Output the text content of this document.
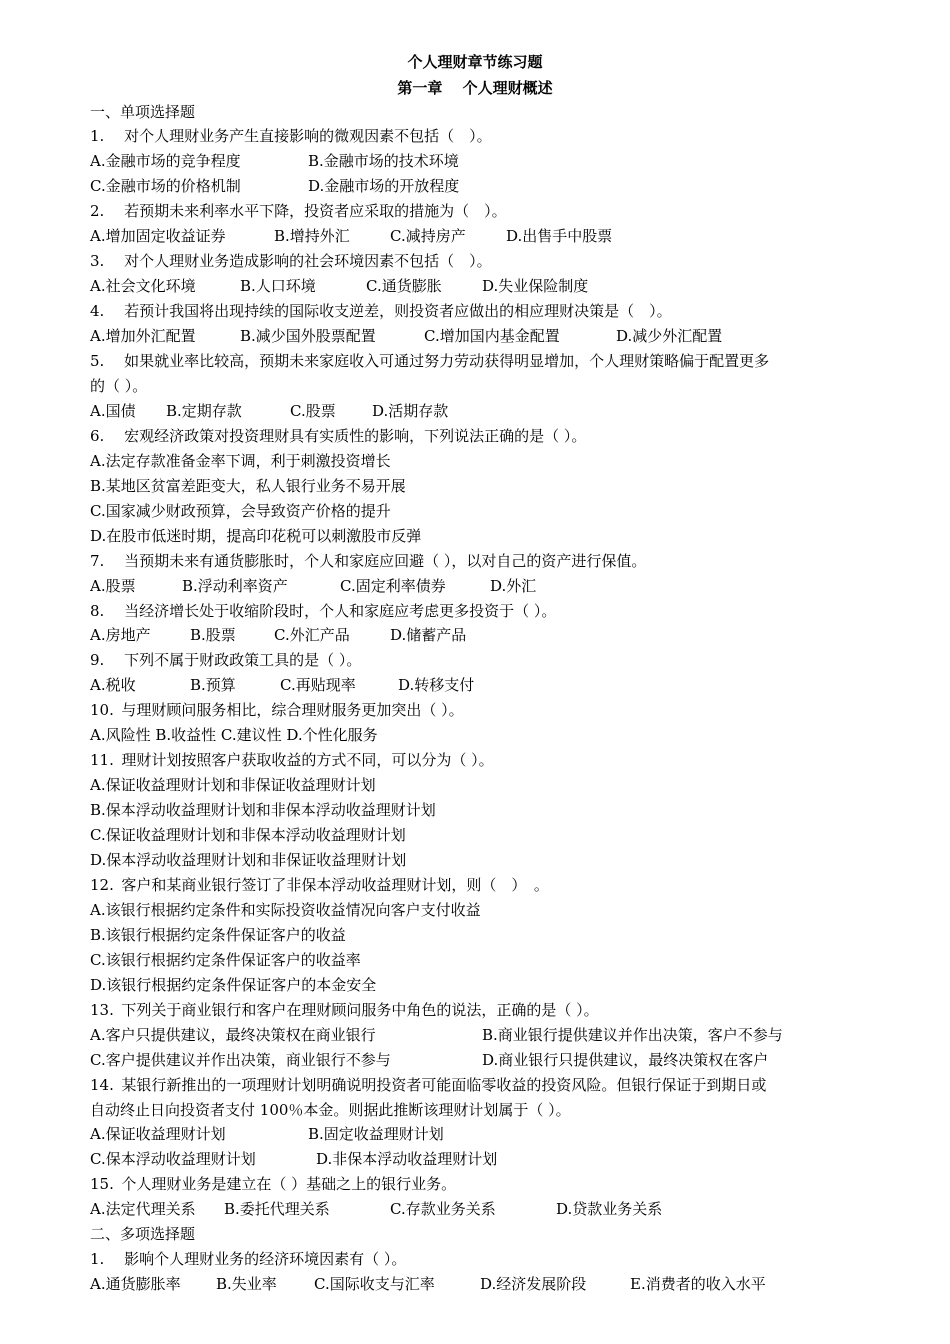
个人理财章节练习题
第一章　 个人理财概述
一、单项选择题
1.　 对个人理财业务产生直接影响的微观因素不包括（　）。
A.金融市场的竞争程度	B.金融市场的技术环境
C.金融市场的价格机制	D.金融市场的开放程度
2.　 若预期未来利率水平下降，投资者应采取的措施为（　）。
A.增加固定收益证券	B.增持外汇	C.减持房产	D.出售手中股票
3.　 对个人理财业务造成影响的社会环境因素不包括（　）。
A.社会文化环境	B.人口环境	C.通货膨胀	D.失业保险制度
4.　 若预计我国将出现持续的国际收支逆差，则投资者应做出的相应理财决策是（　）。
A.增加外汇配置	B.减少国外股票配置	C.增加国内基金配置	D.减少外汇配置
5.　 如果就业率比较高，预期未来家庭收入可通过努力劳动获得明显增加，个人理财策略偏于配置更多
的（ ）。
A.国债 B.定期存款	C.股票 D.活期存款
6.　 宏观经济政策对投资理财具有实质性的影响，下列说法正确的是（ ）。
A.法定存款准备金率下调，利于刺激投资增长
B.某地区贫富差距变大，私人银行业务不易开展
C.国家减少财政预算，会导致资产价格的提升
D.在股市低迷时期，提高印花税可以刺激股市反弹
7.　 当预期未来有通货膨胀时，个人和家庭应回避（ ），以对自己的资产进行保值。
A.股票	B.浮动利率资产	C.固定利率债券	D.外汇
8.　 当经济增长处于收缩阶段时，个人和家庭应考虑更多投资于（ ）。
A.房地产	B.股票	C.外汇产品	D.储蓄产品
9.　 下列不属于财政政策工具的是（ ）。
A.税收	B.预算	C.再贴现率	D.转移支付
10. 与理财顾问服务相比，综合理财服务更加突出（ ）。
A.风险性 B.收益性 C.建议性 D.个性化服务
11. 理财计划按照客户获取收益的方式不同，可以分为（ ）。
A.保证收益理财计划和非保证收益理财计划
B.保本浮动收益理财计划和非保本浮动收益理财计划
C.保证收益理财计划和非保本浮动收益理财计划
D.保本浮动收益理财计划和非保证收益理财计划
12. 客户和某商业银行签订了非保本浮动收益理财计划，则（　）　。
A.该银行根据约定条件和实际投资收益情况向客户支付收益
B.该银行根据约定条件保证客户的收益
C.该银行根据约定条件保证客户的收益率
D.该银行根据约定条件保证客户的本金安全
13. 下列关于商业银行和客户在理财顾问服务中角色的说法，正确的是（ ）。
A.客户只提供建议，最终决策权在商业银行	B.商业银行提供建议并作出决策，客户不参与
C.客户提供建议并作出决策，商业银行不参与	D.商业银行只提供建议，最终决策权在客户
14. 某银行新推出的一项理财计划明确说明投资者可能面临零收益的投资风险。但银行保证于到期日或
自动终止日向投资者支付 100％本金。则据此推断该理财计划属于（ ）。
A.保证收益理财计划	B.固定收益理财计划
C.保本浮动收益理财计划	D.非保本浮动收益理财计划
15. 个人理财业务是建立在（ ）基础之上的银行业务。
A.法定代理关系 B.委托代理关系	C.存款业务关系	D.贷款业务关系
二、多项选择题
1.　 影响个人理财业务的经济环境因素有（ ）。
A.通货膨胀率 B.失业率 C.国际收支与汇率	D.经济发展阶段	E.消费者的收入水平
